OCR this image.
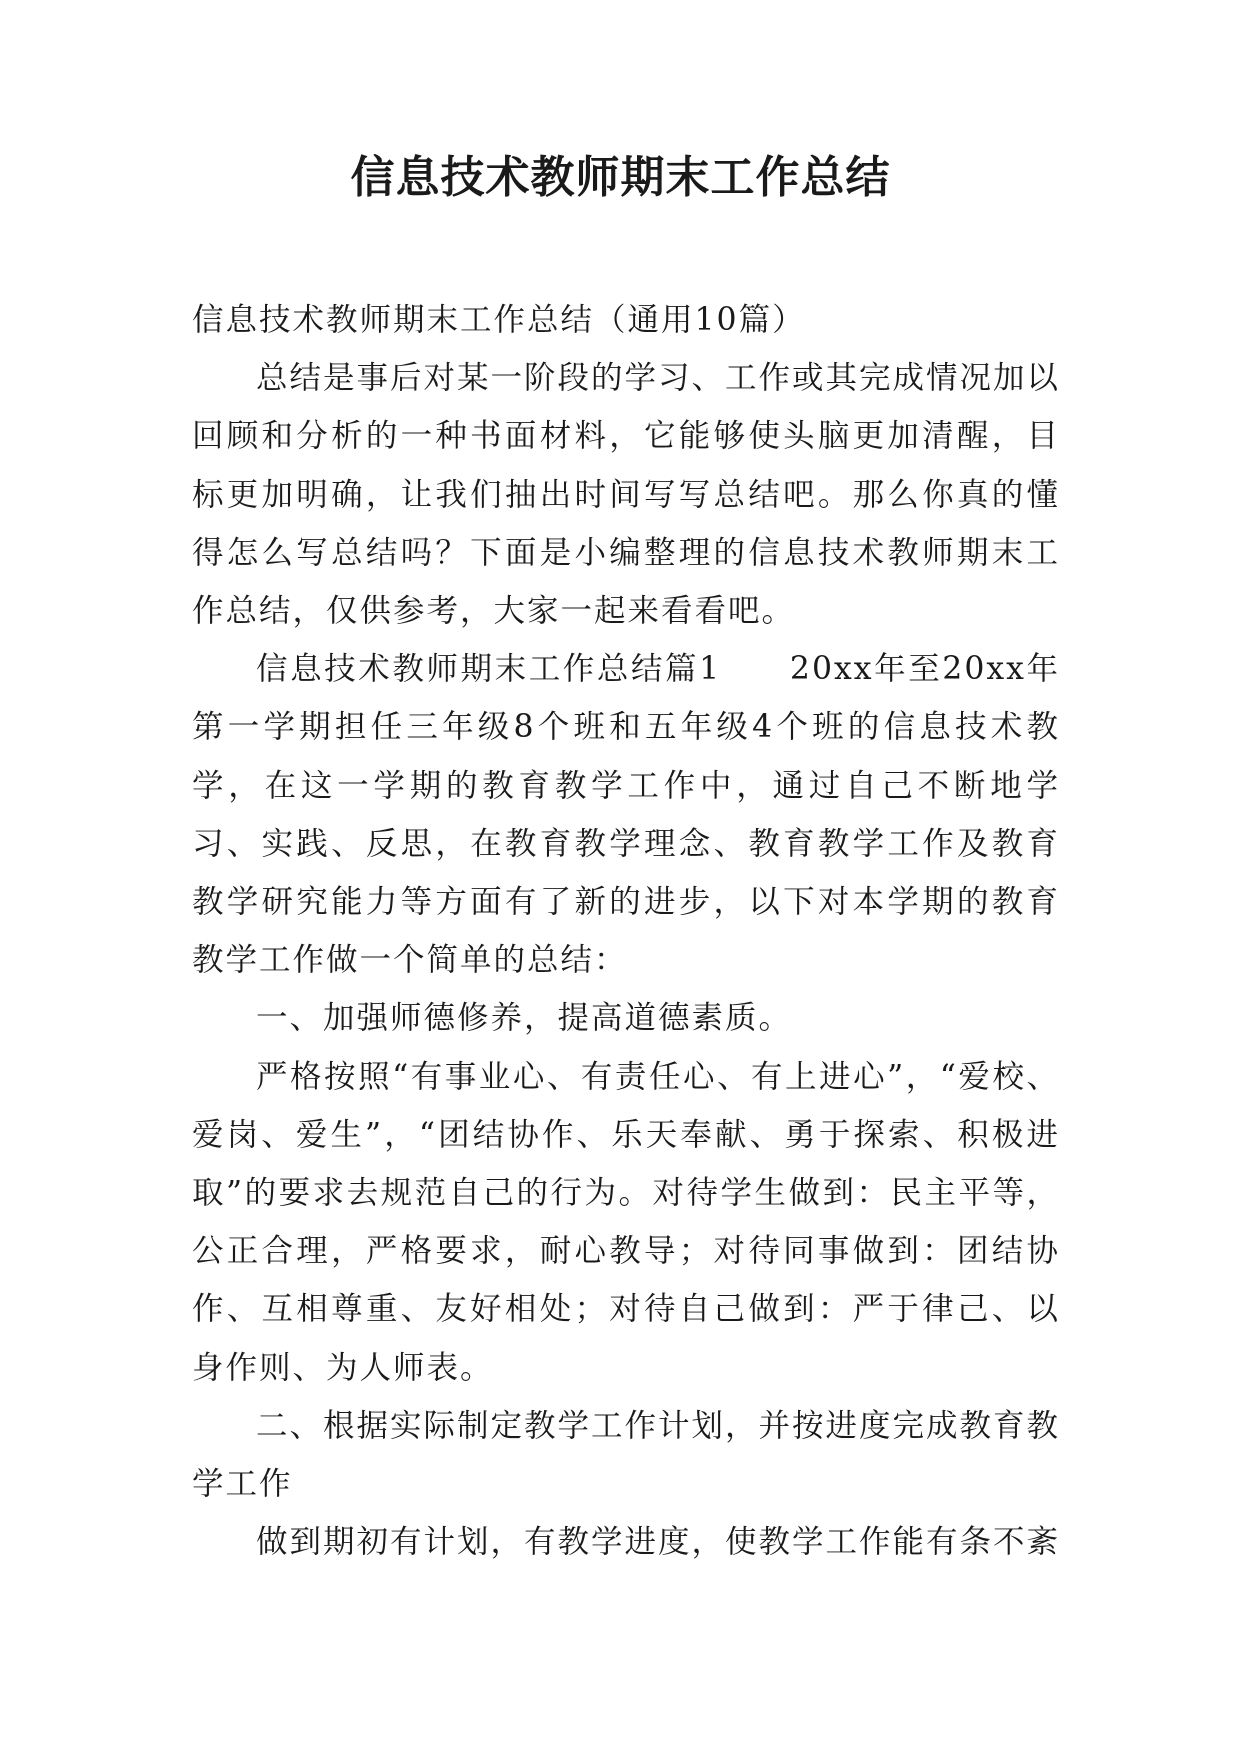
信息技术教师期末工作总结

信息技术教师期末工作总结（通用10篇）

总结是事后对某一阶段的学习、工作或其完成情况加以回顾和分析的一种书面材料，它能够使头脑更加清醒，目标更加明确，让我们抽出时间写写总结吧。那么你真的懂得怎么写总结吗？下面是小编整理的信息技术教师期末工作总结，仅供参考，大家一起来看看吧。

信息技术教师期末工作总结篇1　　20xx年至20xx年第一学期担任三年级8个班和五年级4个班的信息技术教学，在这一学期的教育教学工作中，通过自己不断地学习、实践、反思，在教育教学理念、教育教学工作及教育教学研究能力等方面有了新的进步，以下对本学期的教育教学工作做一个简单的总结：

一、加强师德修养，提高道德素质。

严格按照“有事业心、有责任心、有上进心”，“爱校、爱岗、爱生”，“团结协作、乐天奉献、勇于探索、积极进取”的要求去规范自己的行为。对待学生做到：民主平等，公正合理，严格要求，耐心教导；对待同事做到：团结协作、互相尊重、友好相处；对待自己做到：严于律己、以身作则、为人师表。

二、根据实际制定教学工作计划，并按进度完成教育教学工作

做到期初有计划，有教学进度，使教学工作能有条不紊
